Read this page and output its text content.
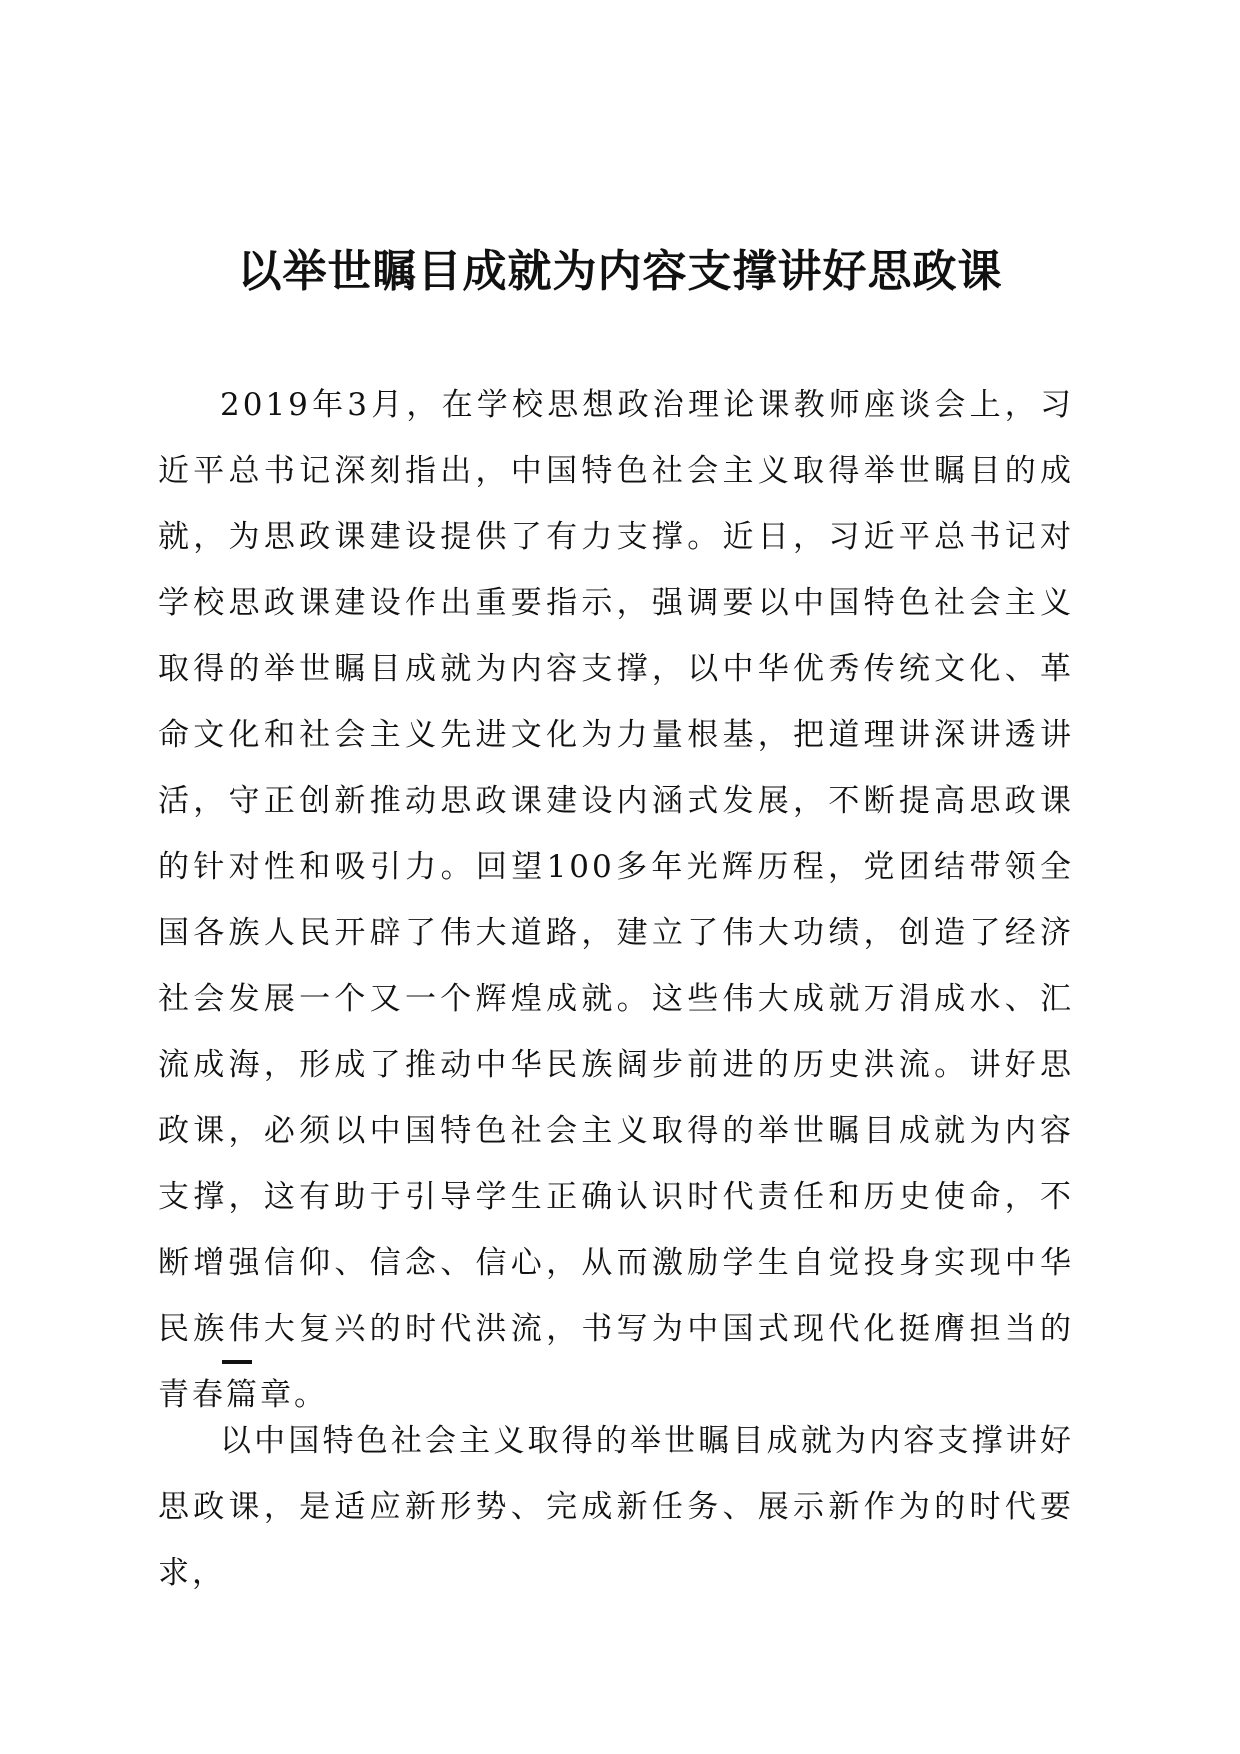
以举世瞩目成就为内容支撑讲好思政课

2019年3月，在学校思想政治理论课教师座谈会上，习近平总书记深刻指出，中国特色社会主义取得举世瞩目的成就，为思政课建设提供了有力支撑。近日，习近平总书记对学校思政课建设作出重要指示，强调要以中国特色社会主义取得的举世瞩目成就为内容支撑，以中华优秀传统文化、革命文化和社会主义先进文化为力量根基，把道理讲深讲透讲活，守正创新推动思政课建设内涵式发展，不断提高思政课的针对性和吸引力。回望100多年光辉历程，党团结带领全国各族人民开辟了伟大道路，建立了伟大功绩，创造了经济社会发展一个又一个辉煌成就。这些伟大成就万涓成水、汇流成海，形成了推动中华民族阔步前进的历史洪流。讲好思政课，必须以中国特色社会主义取得的举世瞩目成就为内容支撑，这有助于引导学生正确认识时代责任和历史使命，不断增强信仰、信念、信心，从而激励学生自觉投身实现中华民族伟大复兴的时代洪流，书写为中国式现代化挺膺担当的青春篇章。

以中国特色社会主义取得的举世瞩目成就为内容支撑讲好思政课，是适应新形势、完成新任务、展示新作为的时代要求，
